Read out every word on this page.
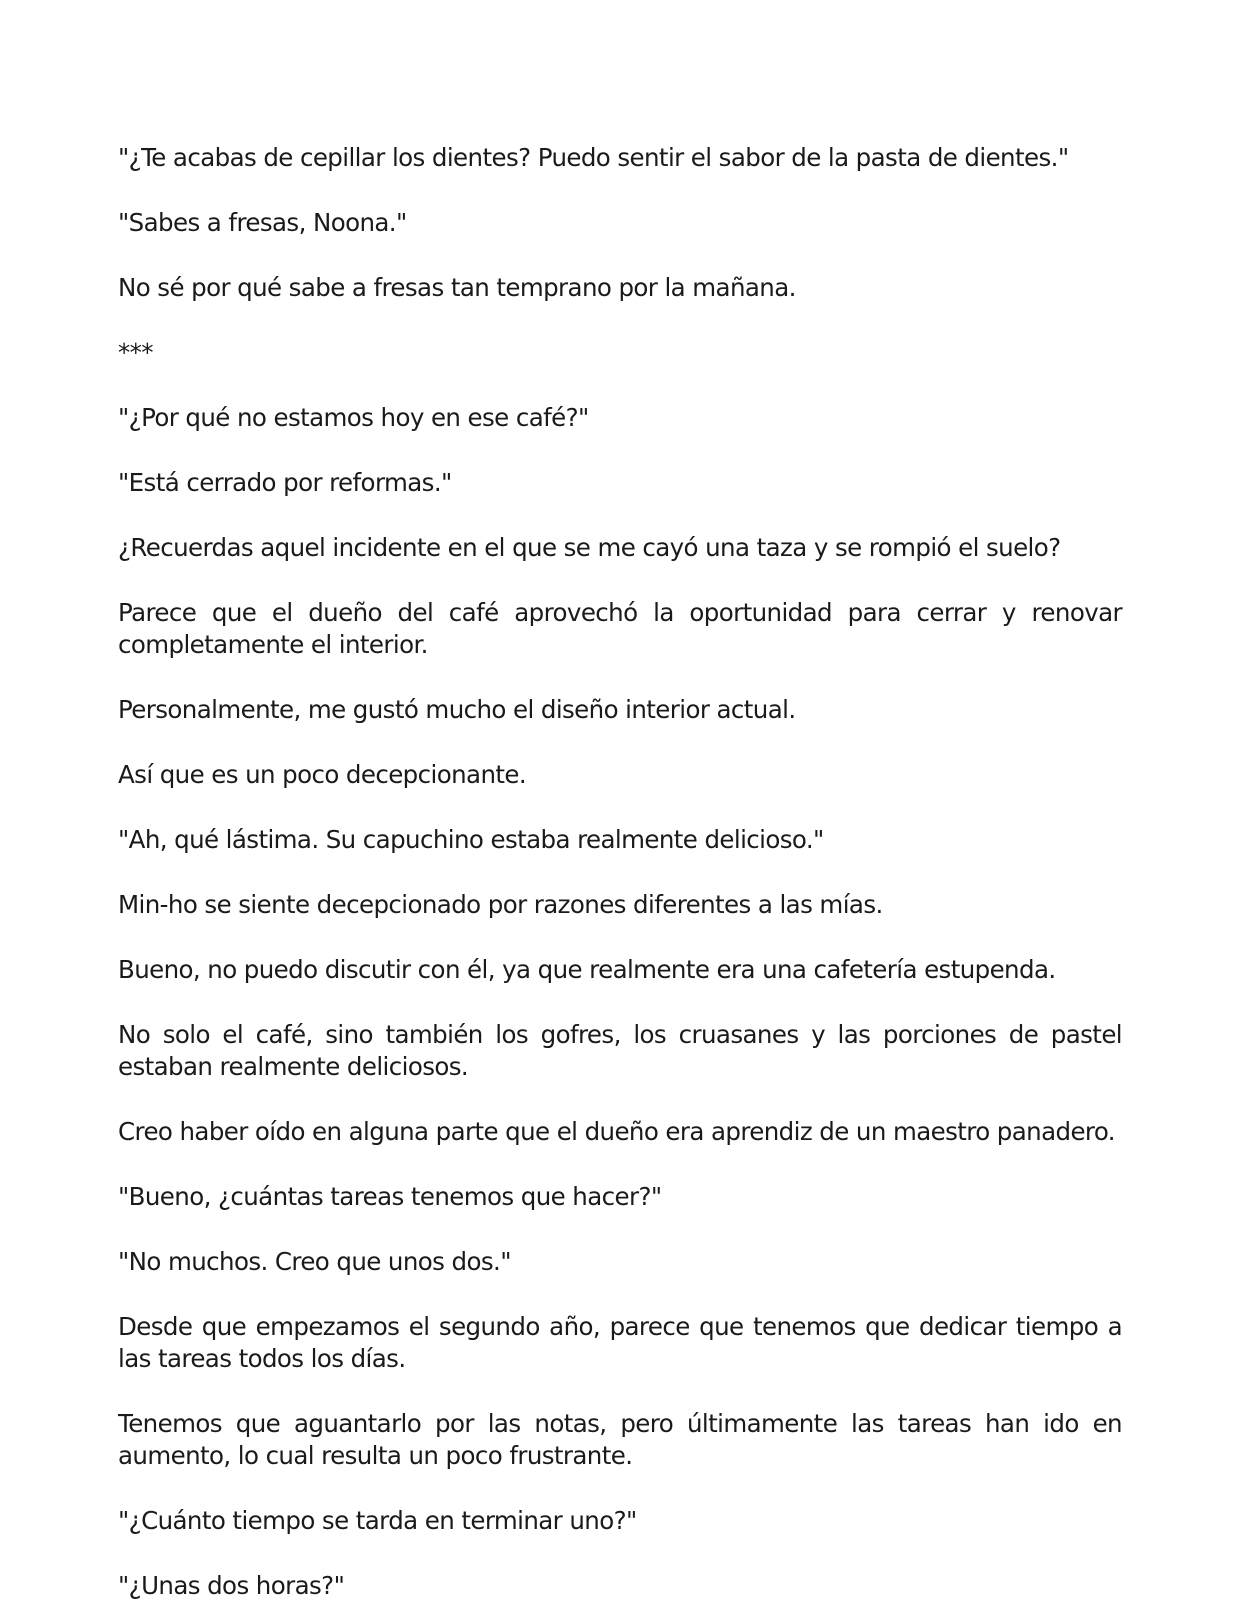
"¿Te acabas de cepillar los dientes? Puedo sentir el sabor de la pasta de dientes."

"Sabes a fresas, Noona."

No sé por qué sabe a fresas tan temprano por la mañana.

***

"¿Por qué no estamos hoy en ese café?"

"Está cerrado por reformas."

¿Recuerdas aquel incidente en el que se me cayó una taza y se rompió el suelo?

Parece que el dueño del café aprovechó la oportunidad para cerrar y renovar completamente el interior.

Personalmente, me gustó mucho el diseño interior actual.

Así que es un poco decepcionante.

"Ah, qué lástima. Su capuchino estaba realmente delicioso."

Min-ho se siente decepcionado por razones diferentes a las mías.

Bueno, no puedo discutir con él, ya que realmente era una cafetería estupenda.

No solo el café, sino también los gofres, los cruasanes y las porciones de pastel estaban realmente deliciosos.

Creo haber oído en alguna parte que el dueño era aprendiz de un maestro panadero.

"Bueno, ¿cuántas tareas tenemos que hacer?"

"No muchos. Creo que unos dos."

Desde que empezamos el segundo año, parece que tenemos que dedicar tiempo a las tareas todos los días.

Tenemos que aguantarlo por las notas, pero últimamente las tareas han ido en aumento, lo cual resulta un poco frustrante.

"¿Cuánto tiempo se tarda en terminar uno?"

"¿Unas dos horas?"
